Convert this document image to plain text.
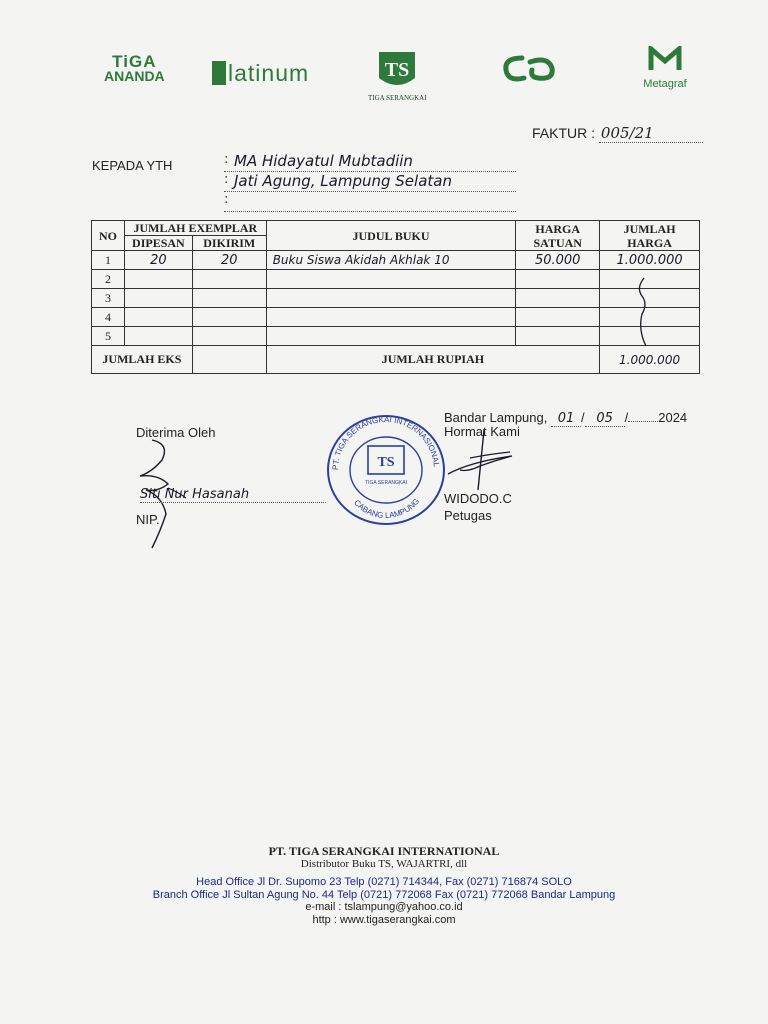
TiGA
ANANDA	latinum	TS
TIGA SERANGKAI
Metagraf
FAKTUR : 005/21
KEPADA YTH	: MA Hidayatul Mubtadiin
: Jati Agung, Lampung Selatan
:
NO	JUMLAH EXEMPLAR		JUDUL BUKU	HARGA SATUAN	JUMLAH HARGA
	DIPESAN	DIKIRIM			
1	20	20	Buku Siswa Akidah Akhlak 10	50.000	1.000.000
2					
3					
4					
5					
JUMLAH EKS			JUMLAH RUPIAH		1.000.000
Diterima Oleh
Siti Nur Hasanah
NIP.
PT. TIGA SERANGKAI INTERNASIONAL
CABANG LAMPUNG
TS
TIGA SERANGKAI
Bandar Lampung, 01 / 05 / 2024
Hormat Kami
WIDODO.C
Petugas
PT. TIGA SERANGKAI INTERNATIONAL
Distributor Buku TS, WAJARTRI, dll
Head Office Jl Dr. Supomo 23 Telp (0271) 714344, Fax (0271) 716874 SOLO
Branch Office Jl Sultan Agung No. 44 Telp (0721) 772068 Fax (0721) 772068 Bandar Lampung
e-mail : tslampung@yahoo.co.id
http : www.tigaserangkai.com
